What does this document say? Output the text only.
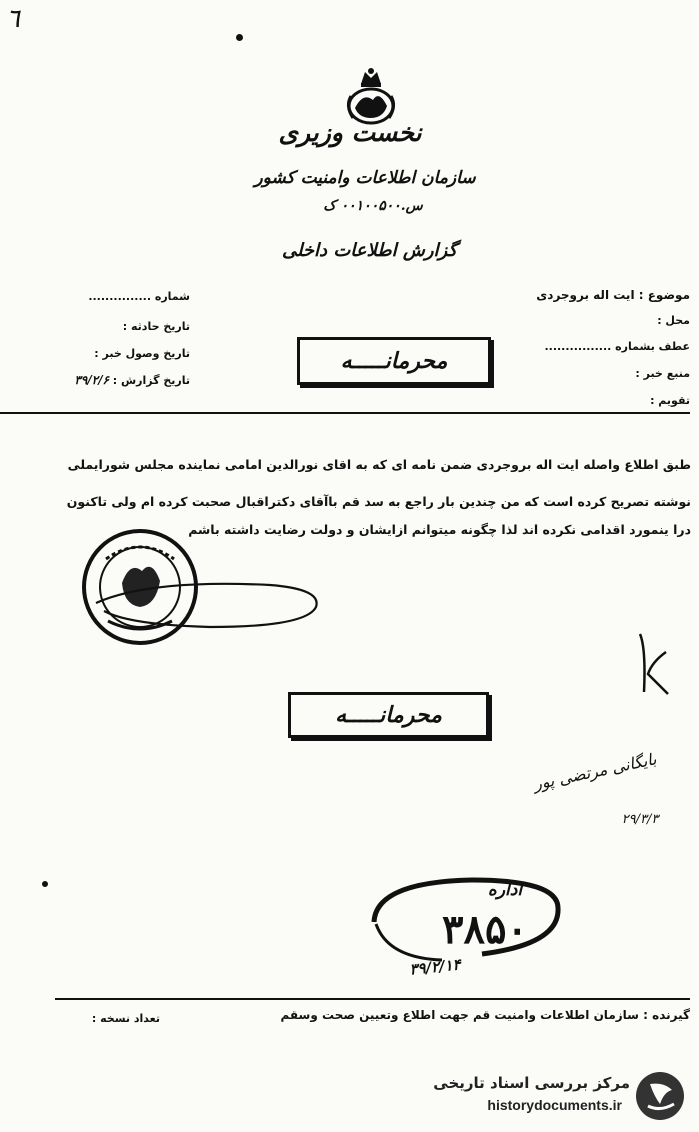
٦
نخست وزیری
سازمان اطلاعات وامنیت کشور
س.۰۰۱۰۰۵۰۰ ک
گزارش اطلاعات داخلی
شماره ...............
تاریخ حادثه :
تاریخ وصول خبر :
تاریخ گزارش : ۳۹/۲/۶
موضوع : ایت اله بروجردی
محل :
عطف بشماره ................
منبع خبر :
تقویم :
محرمانـــــه
طبق اطلاع واصله ایت اله بروجردی ضمن نامه ای که به اقای نورالدین امامی نماینده مجلس شورایملی
نوشته تصریح کرده است که من چندین بار راجع به سد قم باآقای دکتراقبال صحبت کرده ام ولی تاکنون
درا ینمورد اقدامی نکرده اند لذا چگونه میتوانم ازایشان و دولت رضایت داشته باشم
محرمانـــــه
بایگانی مرتضی پور
۲۹/۳/۳
اداره
۳۸۵۰
۳۹/۲/۱۴
گیرنده : سازمان اطلاعات وامنیت قم جهت اطلاع وتعیین صحت وسقم
تعداد نسخه :
مرکز بررسی اسناد تاریخی
historydocuments.ir
